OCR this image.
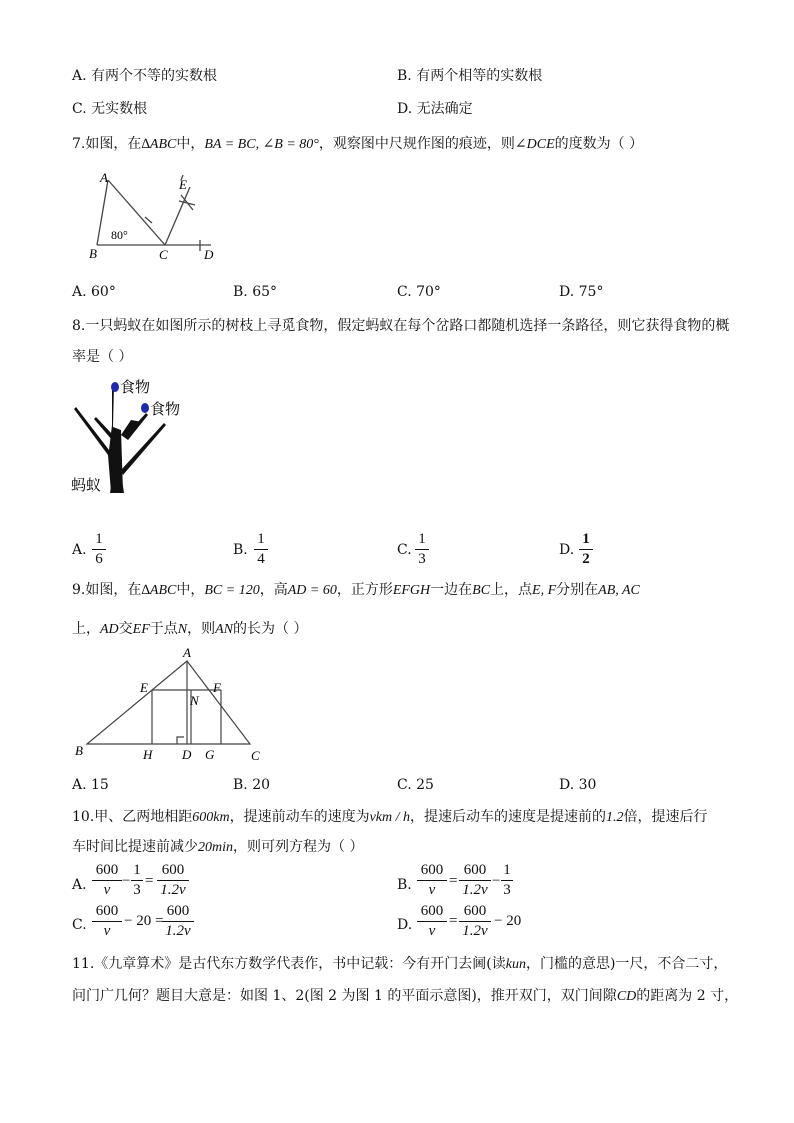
A. 有两个不等的实数根	B. 有两个相等的实数根
C. 无实数根	D. 无法确定
7.如图，在∆ABC中，BA = BC, ∠B = 80°，观察图中尺规作图的痕迹，则∠DCE的度数为（ ）
A
B	C	D
E
80°
A. 60°	B. 65°	C. 70°	D. 75°
8.一只蚂蚁在如图所示的树枝上寻觅食物，假定蚂蚁在每个岔路口都随机选择一条路径，则它获得食物的概
率是（ ）
食物
食物
蚂蚁
A.
1
6
B.
1
4
C.
1
3
D.
1
2
9.如图，在∆ABC中，BC = 120，高AD = 60，正方形EFGH一边在BC上，点E, F分别在AB, AC
上，AD交EF于点N，则AN的长为（ ）
A
B	C
D
E	F
G
H
N
A. 15	B. 20	C. 25	D. 30
10.甲、乙两地相距600km，提速前动车的速度为vkm / h，提速后动车的速度是提速前的1.2倍，提速后行
车时间比提速前减少20min，则可列方程为（ ）
A.
600
v
−
1
3
=
600
1.2v	B.
600
v
=
600
1.2v
−
1
3
C.
600
v
− 20 =
600
1.2v	D.
600
v
=
600
1.2v
− 20
11.《九章算术》是古代东方数学代表作，书中记载：今有开门去阃(读kun，门槛的意思)一尺，不合二寸，
问门广几何？题目大意是：如图 1、2(图 2 为图 1 的平面示意图)，推开双门，双门间隙CD的距离为 2 寸，
